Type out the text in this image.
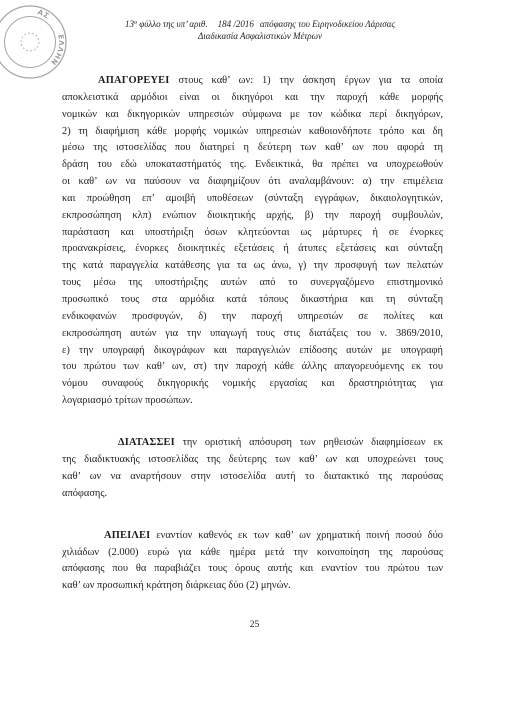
ΑΣ
ΕΛΛΗΝ
$13^o$ φύλλο της υπ’ αριθ. 184 /2016 απόφασης του Ειρηνοδικείου Λάρισας
Διαδικασία Ασφαλιστικών Μέτρων
ΑΠΑΓΟΡΕΥΕΙ στους καθ’ ων: 1) την άσκηση έργων για τα οποία
αποκλειστικά αρμόδιοι είναι οι δικηγόροι και την παροχή κάθε μορφής
νομικών και δικηγορικών υπηρεσιών σύμφωνα με τον κώδικα περί δικηγόρων,
2) τη διαφήμιση κάθε μορφής νομικών υπηρεσιών καθοιονδήποτε τρόπο και δη
μέσω της ιστοσελίδας που διατηρεί η δεύτερη των καθ’ ων που αφορά τη
δράση του εδώ υποκαταστήματός της. Ενδεικτικά, θα πρέπει να υποχρεωθούν
οι καθ’ ων να παύσουν να διαφημίζουν ότι αναλαμβάνουν: α) την επιμέλεια
και προώθηση επ’ αμοιβή υποθέσεων (σύνταξη εγγράφων, δικαιολογητικών,
εκπροσώπηση κλπ) ενώπιον διοικητικής αρχής, β) την παροχή συμβουλών,
παράσταση και υποστήριξη όσων κλητεύονται ως μάρτυρες ή σε ένορκες
προανακρίσεις, ένορκες διοικητικές εξετάσεις ή άτυπες εξετάσεις και σύνταξη
της κατά παραγγελία κατάθεσης για τα ως άνω, γ) την προσφυγή των πελατών
τους μέσω της υποστήριξης αυτών από το συνεργαζόμενο επιστημονικό
προσωπικό τους στα αρμόδια κατά τόπους δικαστήρια και τη σύνταξη
ενδικοφανών προσφυγών, δ) την παροχή υπηρεσιών σε πολίτες και
εκπροσώπηση αυτών για την υπαγωγή τους στις διατάξεις του ν. 3869/2010,
ε) την υπογραφή δικογράφων και παραγγελιών επίδοσης αυτών με υπογραφή
του πρώτου των καθ’ ων, στ) την παροχή κάθε άλλης απαγορευόμενης εκ του
νόμου συναφούς δικηγορικής νομικής εργασίας και δραστηριότητας για
λογαριασμό τρίτων προσώπων.
ΔΙΑΤΑΣΣΕΙ την οριστική απόσυρση των ρηθεισών διαφημίσεων εκ
της διαδικτυακής ιστοσελίδας της δεύτερης των καθ’ ων και υποχρεώνει τους
καθ’ ων να αναρτήσουν στην ιστοσελίδα αυτή το διατακτικό της παρούσας
απόφασης.
ΑΠΕΙΛΕΙ εναντίον καθενός εκ των καθ’ ων χρηματική ποινή ποσού δύο
χιλιάδων (2.000) ευρώ για κάθε ημέρα μετά την κοινοποίηση της παρούσας
απόφασης που θα παραβιάζει τους όρους αυτής και εναντίον του πρώτου των
καθ’ ων προσωπική κράτηση διάρκειας δύο (2) μηνών.
25
